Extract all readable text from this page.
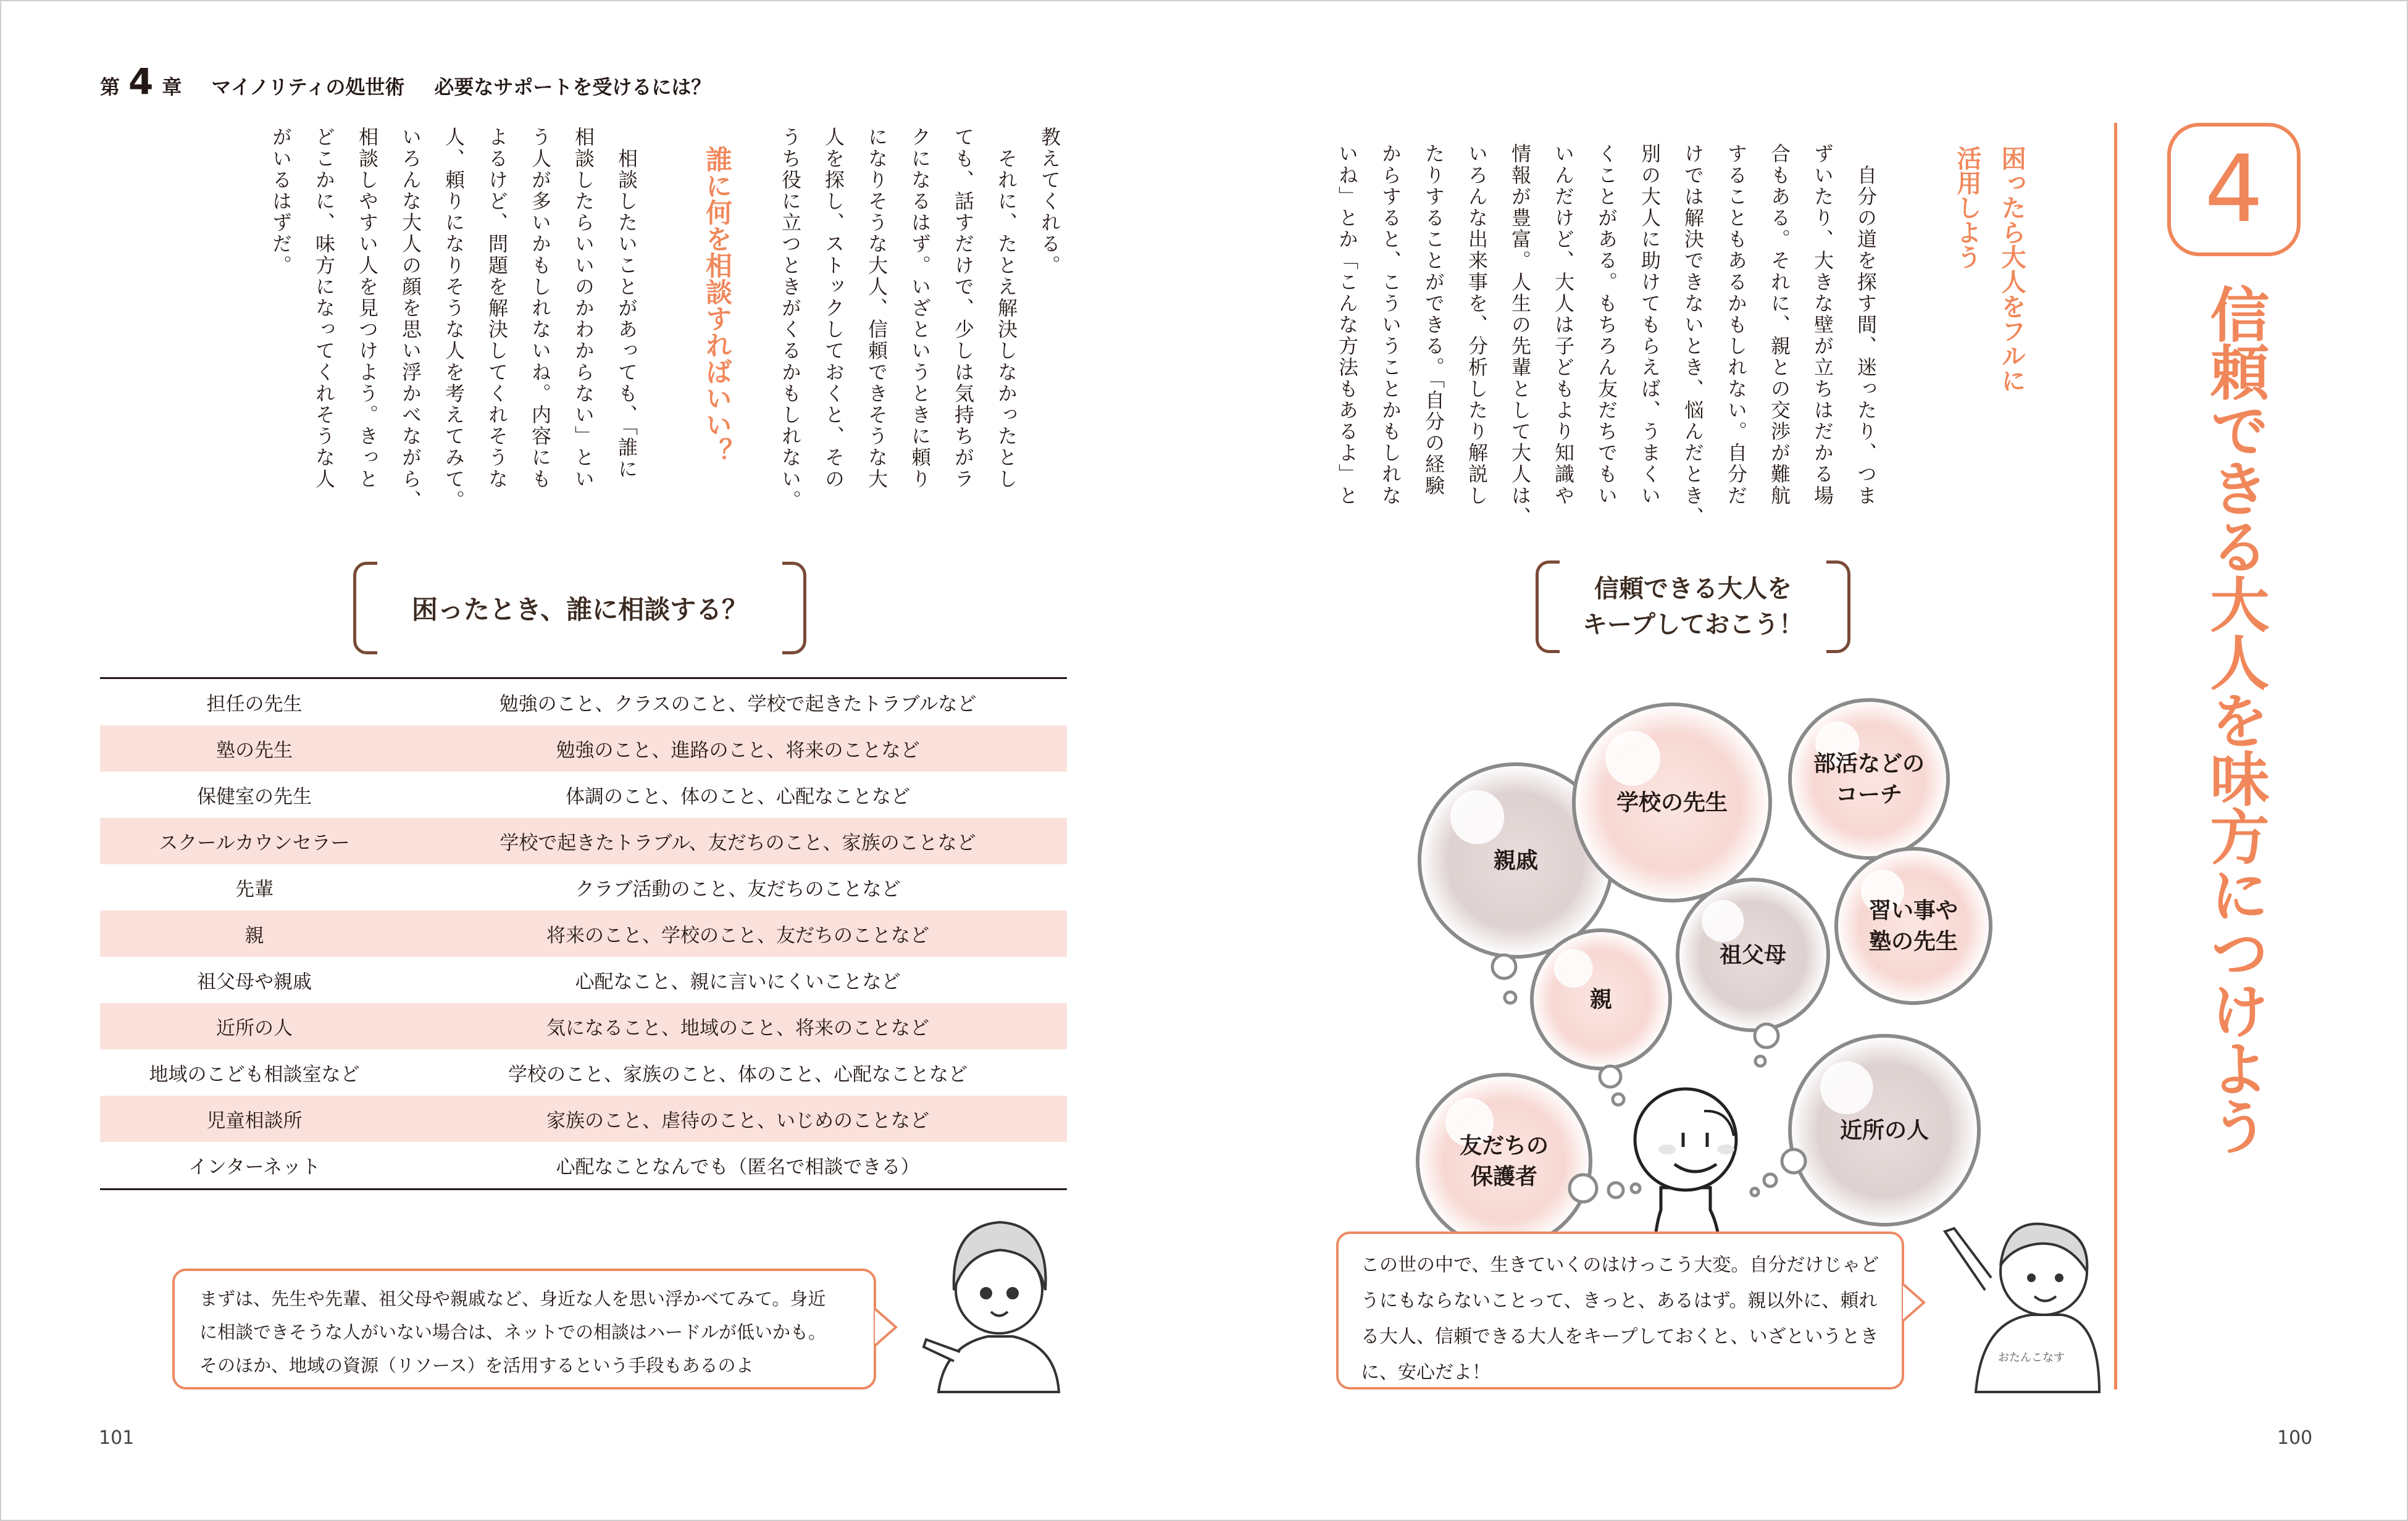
第 4 章 マイノリティの処世術 必要なサポートを受けるには？
101	100
4
信頼できる大人を味方につけよう
困ったら大人をフルに
活用しよう
　自分の道を探す間、迷ったり、つま
ずいたり、大きな壁が立ちはだかる場
合もある。それに、親との交渉が難航
することもあるかもしれない。自分だ
けでは解決できないとき、悩んだとき、
別の大人に助けてもらえば、うまくい
くことがある。もちろん友だちでもい
いんだけど、大人は子どもより知識や
情報が豊富。人生の先輩として大人は、
いろんな出来事を、分析したり解説し
たりすることができる。「自分の経験
からすると、こういうことかもしれな
いね」とか「こんな方法もあるよ」と
信頼できる大人を
キープしておこう！
親戚
学校の先生
部活などの
コーチ
習い事や
塾の先生
祖父母
親
友だちの
保護者
近所の人
おたんこなす
この世の中で、生きていくのはけっこう大変。自分だけじゃど
うにもならないことって、きっと、あるはず。親以外に、頼れ
る大人、信頼できる大人をキープしておくと、いざというとき
に、安心だよ！
教えてくれる。
　それに、たとえ解決しなかったとし
ても、話すだけで、少しは気持ちがラ
クになるはず。いざというときに頼り
になりそうな大人、信頼できそうな大
人を探し、ストックしておくと、その
うち役に立つときがくるかもしれない。
誰に何を相談すればいい？
　相談したいことがあっても、「誰に
相談したらいいのかわからない」とい
う人が多いかもしれないね。内容にも
よるけど、問題を解決してくれそうな
人、頼りになりそうな人を考えてみて。
いろんな大人の顔を思い浮かべながら、
相談しやすい人を見つけよう。きっと
どこかに、味方になってくれそうな人
がいるはずだ。
困ったとき、誰に相談する？
担任の先生	勉強のこと、クラスのこと、学校で起きたトラブルなど
塾の先生	勉強のこと、進路のこと、将来のことなど
保健室の先生	体調のこと、体のこと、心配なことなど
スクールカウンセラー	学校で起きたトラブル、友だちのこと、家族のことなど
先輩	クラブ活動のこと、友だちのことなど
親	将来のこと、学校のこと、友だちのことなど
祖父母や親戚	心配なこと、親に言いにくいことなど
近所の人	気になること、地域のこと、将来のことなど
地域のこども相談室など	学校のこと、家族のこと、体のこと、心配なことなど
児童相談所	家族のこと、虐待のこと、いじめのことなど
インターネット	心配なことなんでも（匿名で相談できる）
まずは、先生や先輩、祖父母や親戚など、身近な人を思い浮かべてみて。身近
に相談できそうな人がいない場合は、ネットでの相談はハードルが低いかも。
そのほか、地域の資源（リソース）を活用するという手段もあるのよ
